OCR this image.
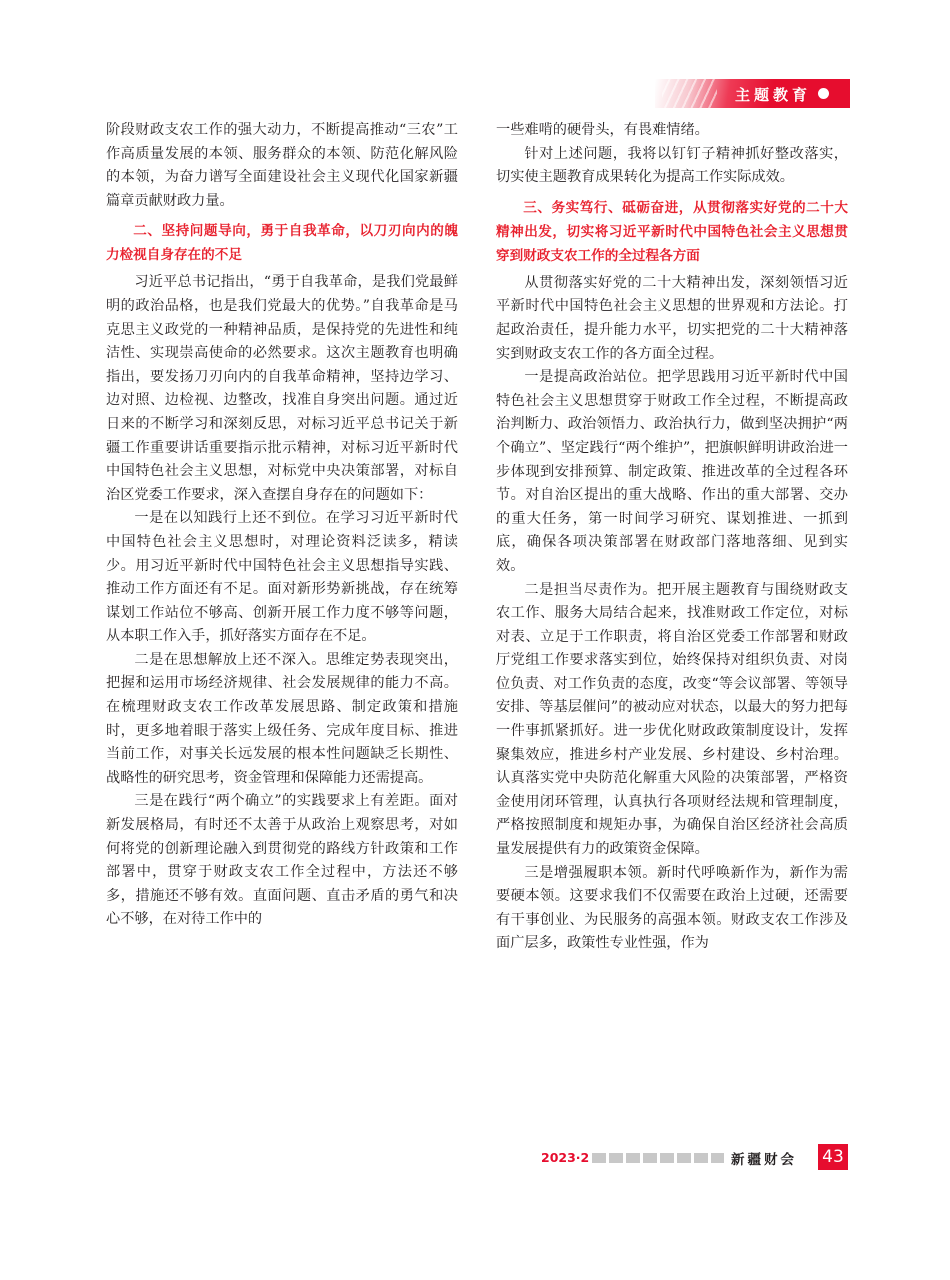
主题教育

阶段财政支农工作的强大动力，不断提高推动“三农”工作高质量发展的本领、服务群众的本领、防范化解风险的本领，为奋力谱写全面建设社会主义现代化国家新疆篇章贡献财政力量。

二、坚持问题导向，勇于自我革命，以刀刃向内的魄力检视自身存在的不足

习近平总书记指出，“勇于自我革命，是我们党最鲜明的政治品格，也是我们党最大的优势。”自我革命是马克思主义政党的一种精神品质，是保持党的先进性和纯洁性、实现崇高使命的必然要求。这次主题教育也明确指出，要发扬刀刃向内的自我革命精神，坚持边学习、边对照、边检视、边整改，找准自身突出问题。通过近日来的不断学习和深刻反思，对标习近平总书记关于新疆工作重要讲话重要指示批示精神，对标习近平新时代中国特色社会主义思想，对标党中央决策部署，对标自治区党委工作要求，深入查摆自身存在的问题如下：

一是在以知践行上还不到位。在学习习近平新时代中国特色社会主义思想时，对理论资料泛读多，精读少。用习近平新时代中国特色社会主义思想指导实践、推动工作方面还有不足。面对新形势新挑战，存在统筹谋划工作站位不够高、创新开展工作力度不够等问题，从本职工作入手，抓好落实方面存在不足。

二是在思想解放上还不深入。思维定势表现突出，把握和运用市场经济规律、社会发展规律的能力不高。在梳理财政支农工作改革发展思路、制定政策和措施时，更多地着眼于落实上级任务、完成年度目标、推进当前工作，对事关长远发展的根本性问题缺乏长期性、战略性的研究思考，资金管理和保障能力还需提高。

三是在践行“两个确立”的实践要求上有差距。面对新发展格局，有时还不太善于从政治上观察思考，对如何将党的创新理论融入到贯彻党的路线方针政策和工作部署中，贯穿于财政支农工作全过程中，方法还不够多，措施还不够有效。直面问题、直击矛盾的勇气和决心不够，在对待工作中的

一些难啃的硬骨头，有畏难情绪。

针对上述问题，我将以钉钉子精神抓好整改落实，切实使主题教育成果转化为提高工作实际成效。

三、务实笃行、砥砺奋进，从贯彻落实好党的二十大精神出发，切实将习近平新时代中国特色社会主义思想贯穿到财政支农工作的全过程各方面

从贯彻落实好党的二十大精神出发，深刻领悟习近平新时代中国特色社会主义思想的世界观和方法论。打起政治责任，提升能力水平，切实把党的二十大精神落实到财政支农工作的各方面全过程。

一是提高政治站位。把学思践用习近平新时代中国特色社会主义思想贯穿于财政工作全过程，不断提高政治判断力、政治领悟力、政治执行力，做到坚决拥护“两个确立”、坚定践行“两个维护”，把旗帜鲜明讲政治进一步体现到安排预算、制定政策、推进改革的全过程各环节。对自治区提出的重大战略、作出的重大部署、交办的重大任务，第一时间学习研究、谋划推进、一抓到底，确保各项决策部署在财政部门落地落细、见到实效。

二是担当尽责作为。把开展主题教育与围绕财政支农工作、服务大局结合起来，找准财政工作定位，对标对表、立足于工作职责，将自治区党委工作部署和财政厅党组工作要求落实到位，始终保持对组织负责、对岗位负责、对工作负责的态度，改变“等会议部署、等领导安排、等基层催问”的被动应对状态，以最大的努力把每一件事抓紧抓好。进一步优化财政政策制度设计，发挥聚集效应，推进乡村产业发展、乡村建设、乡村治理。认真落实党中央防范化解重大风险的决策部署，严格资金使用闭环管理，认真执行各项财经法规和管理制度，严格按照制度和规矩办事，为确保自治区经济社会高质量发展提供有力的政策资金保障。

三是增强履职本领。新时代呼唤新作为，新作为需要硬本领。这要求我们不仅需要在政治上过硬，还需要有干事创业、为民服务的高强本领。财政支农工作涉及面广层多，政策性专业性强，作为

2023·2	新疆财会 43
